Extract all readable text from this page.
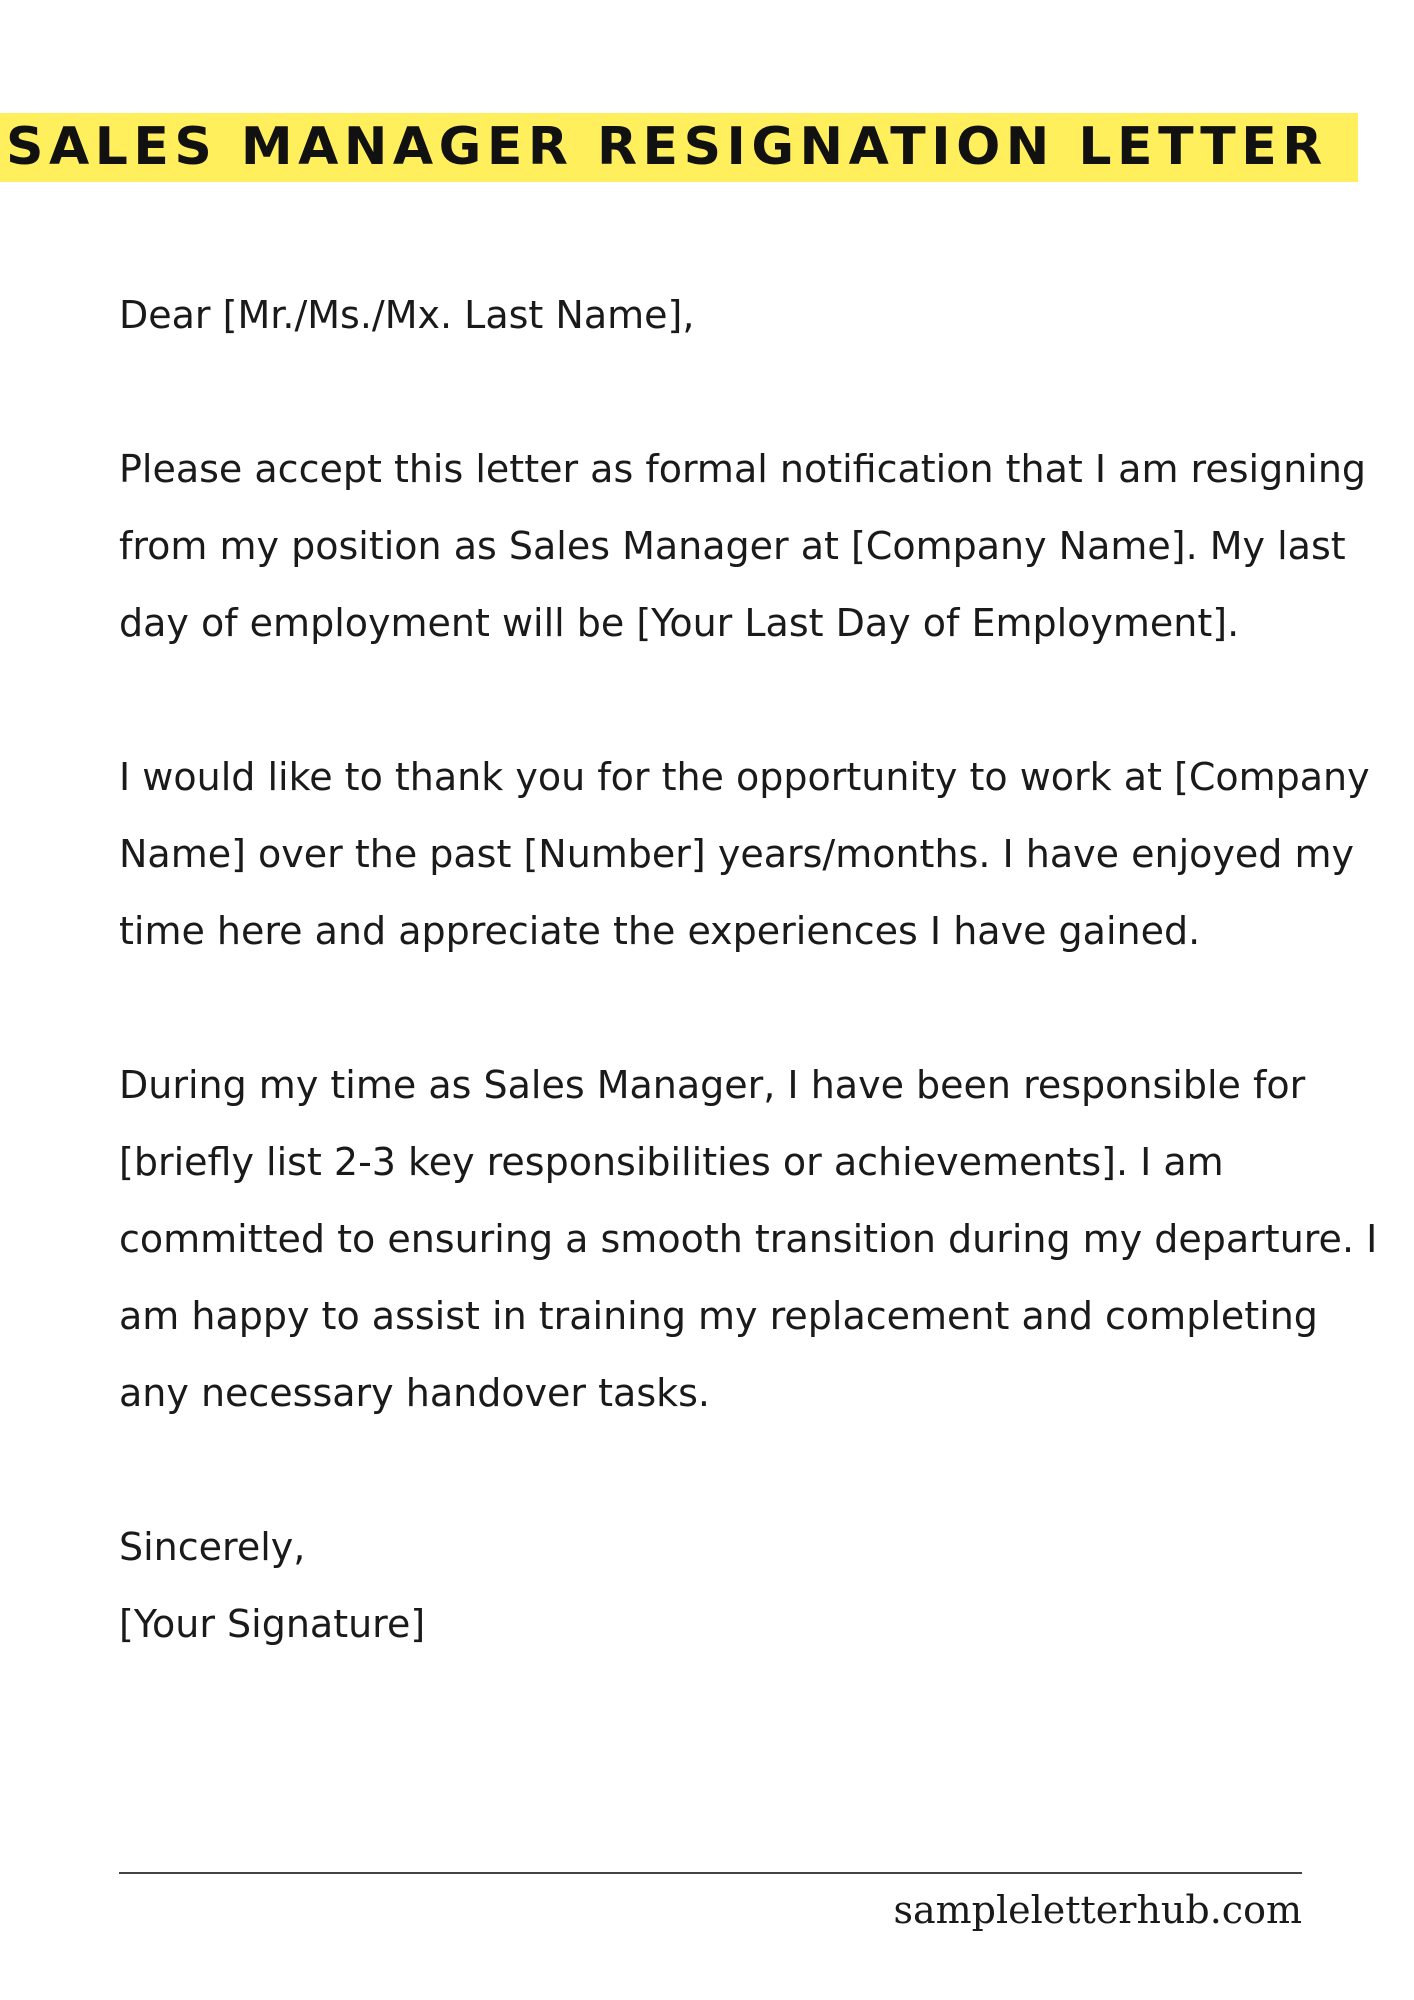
SALES MANAGER RESIGNATION LETTER

Dear [Mr./Ms./Mx. Last Name],

Please accept this letter as formal notification that I am resigning from my position as Sales Manager at [Company Name]. My last day of employment will be [Your Last Day of Employment].

I would like to thank you for the opportunity to work at [Company Name] over the past [Number] years/months. I have enjoyed my time here and appreciate the experiences I have gained.

During my time as Sales Manager, I have been responsible for [briefly list 2-3 key responsibilities or achievements]. I am committed to ensuring a smooth transition during my departure. I am happy to assist in training my replacement and completing any necessary handover tasks.

Sincerely,

[Your Signature]

sampleletterhub.com
